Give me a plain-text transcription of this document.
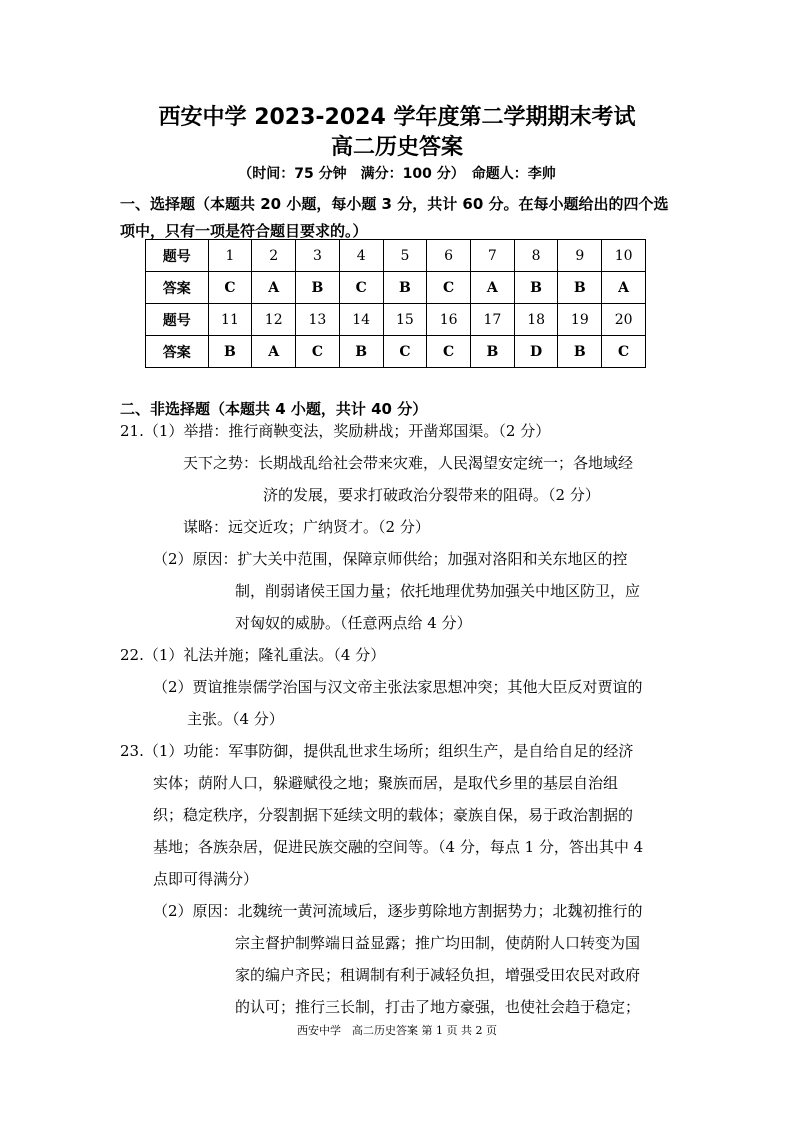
西安中学 2023-2024 学年度第二学期期末考试
高二历史答案
（时间：75 分钟　满分：100 分）　命题人：李帅
一、选择题（本题共 20 小题，每小题 3 分，共计 60 分。在每小题给出的四个选项中，只有一项是符合题目要求的。）
题号	1	2	3	4	5	6	7	8	9	10
答案	C	A	B	C	B	C	A	B	B	A
题号	11	12	13	14	15	16	17	18	19	20
答案	B	A	C	B	C	C	B	D	B	C
二、非选择题（本题共 4 小题，共计 40 分）
21.（1）举措：推行商鞅变法，奖励耕战；开凿郑国渠。（2 分）
天下之势：长期战乱给社会带来灾难，人民渴望安定统一；各地域经
济的发展，要求打破政治分裂带来的阻碍。（2 分）
谋略：远交近攻；广纳贤才。（2 分）
（2）原因：扩大关中范围，保障京师供给；加强对洛阳和关东地区的控
制，削弱诸侯王国力量；依托地理优势加强关中地区防卫，应
对匈奴的威胁。（任意两点给 4 分）
22.（1）礼法并施；隆礼重法。（4 分）
（2）贾谊推崇儒学治国与汉文帝主张法家思想冲突；其他大臣反对贾谊的
主张。（4 分）
23.（1）功能：军事防御，提供乱世求生场所；组织生产，是自给自足的经济
实体；荫附人口，躲避赋役之地；聚族而居，是取代乡里的基层自治组
织；稳定秩序，分裂割据下延续文明的载体；豪族自保，易于政治割据的
基地；各族杂居，促进民族交融的空间等。（4 分，每点 1 分，答出其中 4
点即可得满分）
（2）原因：北魏统一黄河流域后，逐步剪除地方割据势力；北魏初推行的
宗主督护制弊端日益显露；推广均田制，使荫附人口转变为国
家的编户齐民；租调制有利于减轻负担，增强受田农民对政府
的认可；推行三长制，打击了地方豪强，也使社会趋于稳定；
西安中学　高二历史答案 第 1 页 共 2 页
